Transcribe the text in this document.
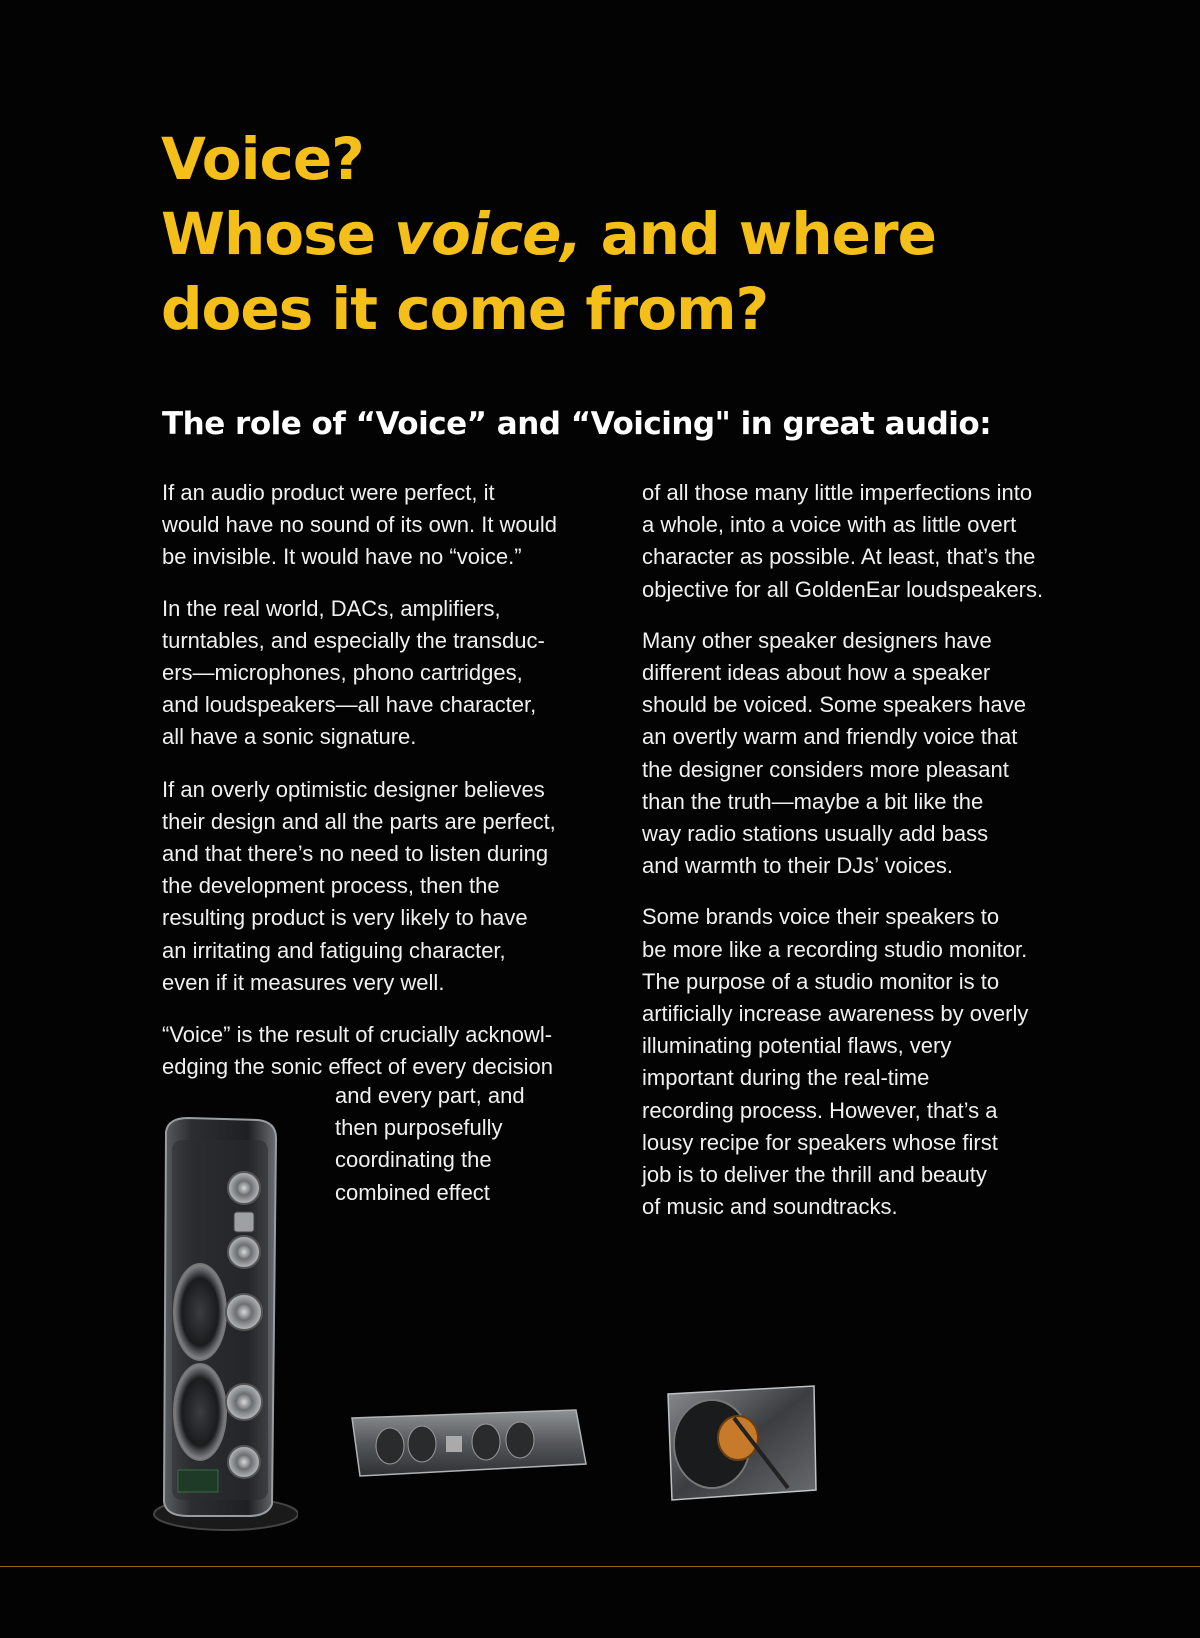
Voice?
Whose voice, and where
does it come from?
The role of “Voice” and “Voicing" in great audio:

If an audio product were perfect, it
would have no sound of its own. It would
be invisible. It would have no “voice.”

In the real world, DACs, amplifiers,
turntables, and especially the transduc-
ers—microphones, phono cartridges,
and loudspeakers—all have character,
all have a sonic signature.

If an overly optimistic designer believes
their design and all the parts are perfect,
and that there’s no need to listen during
the development process, then the
resulting product is very likely to have
an irritating and fatiguing character,
even if it measures very well.

“Voice” is the result of crucially acknowl-
edging the sonic effect of every decision

and every part, and
then purposefully
coordinating the
combined effect

of all those many little imperfections into
a whole, into a voice with as little overt
character as possible. At least, that’s the
objective for all GoldenEar loudspeakers.

Many other speaker designers have
different ideas about how a speaker
should be voiced. Some speakers have
an overtly warm and friendly voice that
the designer considers more pleasant
than the truth—maybe a bit like the
way radio stations usually add bass
and warmth to their DJs’ voices.

Some brands voice their speakers to
be more like a recording studio monitor.
The purpose of a studio monitor is to
artificially increase awareness by overly
illuminating potential flaws, very
important during the real-time
recording process. However, that’s a
lousy recipe for speakers whose first
job is to deliver the thrill and beauty
of music and soundtracks.
